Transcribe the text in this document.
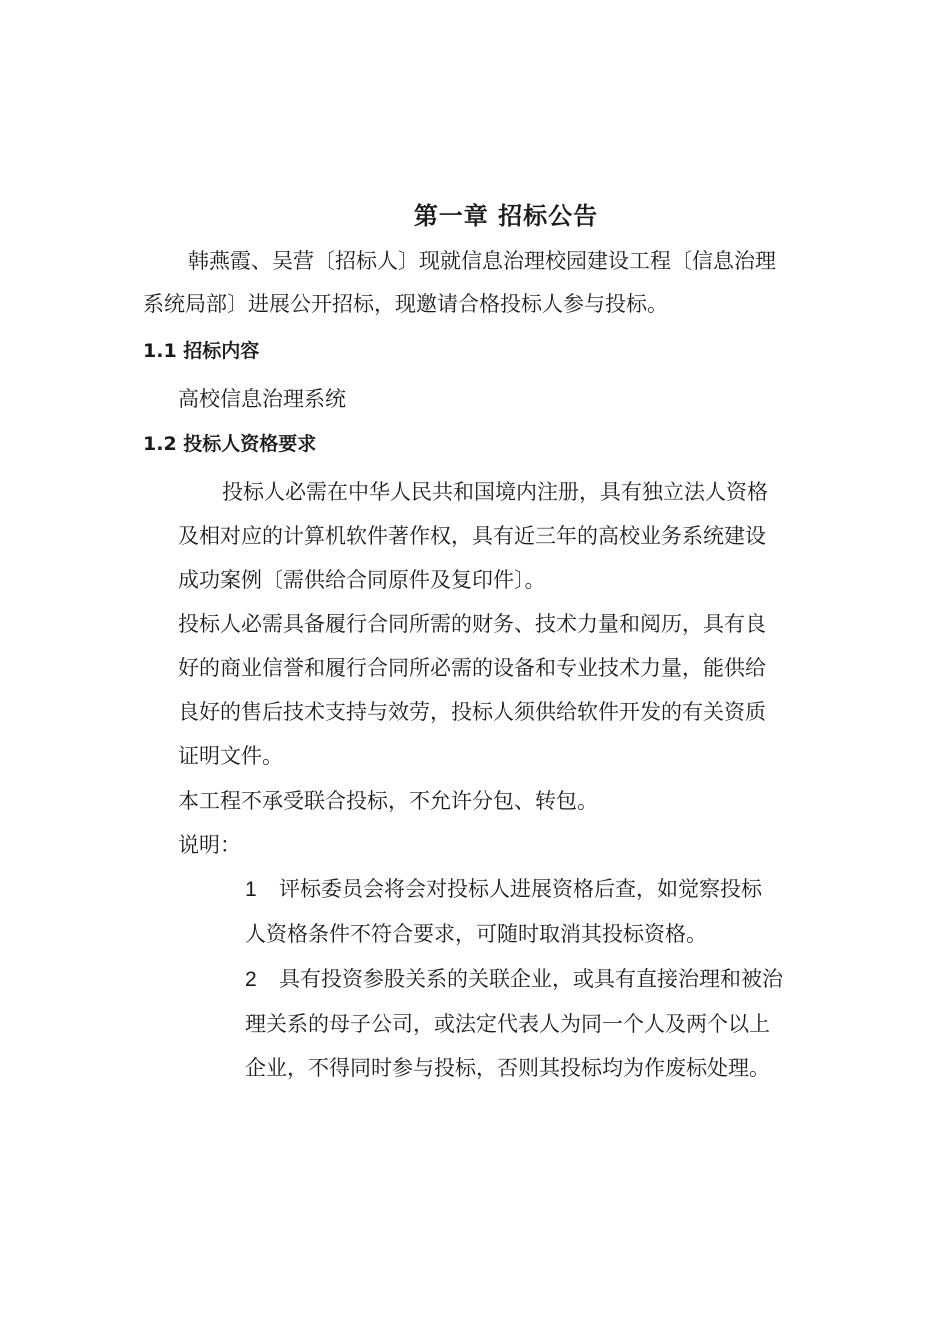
第一章 招标公告
韩燕霞、吴营〔招标人〕现就信息治理校园建设工程〔信息治理
系统局部〕进展公开招标，现邀请合格投标人参与投标。
1.1 招标内容
高校信息治理系统
1.2 投标人资格要求
投标人必需在中华人民共和国境内注册，具有独立法人资格
及相对应的计算机软件著作权，具有近三年的高校业务系统建设
成功案例〔需供给合同原件及复印件〕。
投标人必需具备履行合同所需的财务、技术力量和阅历，具有良
好的商业信誉和履行合同所必需的设备和专业技术力量，能供给
良好的售后技术支持与效劳，投标人须供给软件开发的有关资质
证明文件。
本工程不承受联合投标，不允许分包、转包。
说明：
1 评标委员会将会对投标人进展资格后查，如觉察投标
人资格条件不符合要求，可随时取消其投标资格。
2 具有投资参股关系的关联企业，或具有直接治理和被治
理关系的母子公司，或法定代表人为同一个人及两个以上
企业，不得同时参与投标，否则其投标均为作废标处理。
